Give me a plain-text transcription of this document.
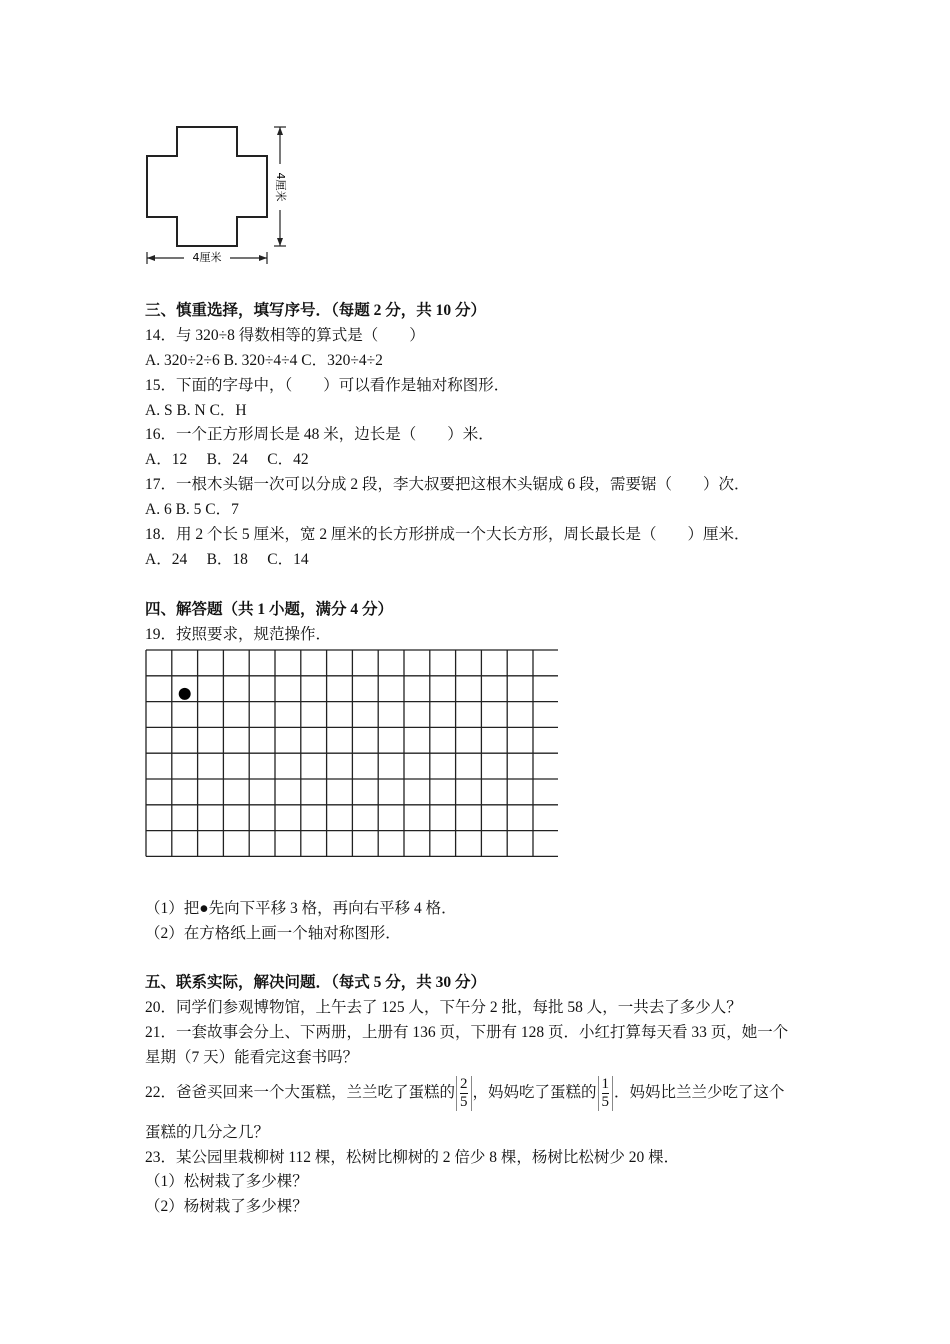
4厘米
4厘米
三、慎重选择，填写序号．（每题 2 分，共 10 分）
14．与 320÷8 得数相等的算式是（　　）
A. 320÷2÷6 B. 320÷4÷4 C．320÷4÷2
15．下面的字母中，（　　）可以看作是轴对称图形．
A. S B. N C．H
16．一个正方形周长是 48 米，边长是（　　）米．
A．12　 B．24　 C．42
17．一根木头锯一次可以分成 2 段，李大叔要把这根木头锯成 6 段，需要锯（　　）次．
A. 6 B. 5 C．7
18．用 2 个长 5 厘米，宽 2 厘米的长方形拼成一个大长方形，周长最长是（　　）厘米．
A．24　 B．18　 C．14
四、解答题（共 1 小题，满分 4 分）
19．按照要求，规范操作．
（1）把●先向下平移 3 格，再向右平移 4 格．
（2）在方格纸上画一个轴对称图形．
五、联系实际，解决问题．（每式 5 分，共 30 分）
20．同学们参观博物馆，上午去了 125 人，下午分 2 批，每批 58 人，一共去了多少人？
21．一套故事会分上、下两册，上册有 136 页，下册有 128 页．小红打算每天看 33 页，她一个
星期（7 天）能看完这套书吗？
22．爸爸买回来一个大蛋糕，兰兰吃了蛋糕的 $\frac{2}{5}$ ，妈妈吃了蛋糕的 $\frac{1}{5}$ ．妈妈比兰兰少吃了这个
蛋糕的几分之几？
23．某公园里栽柳树 112 棵，松树比柳树的 2 倍少 8 棵，杨树比松树少 20 棵．
（1）松树栽了多少棵？
（2）杨树栽了多少棵？
